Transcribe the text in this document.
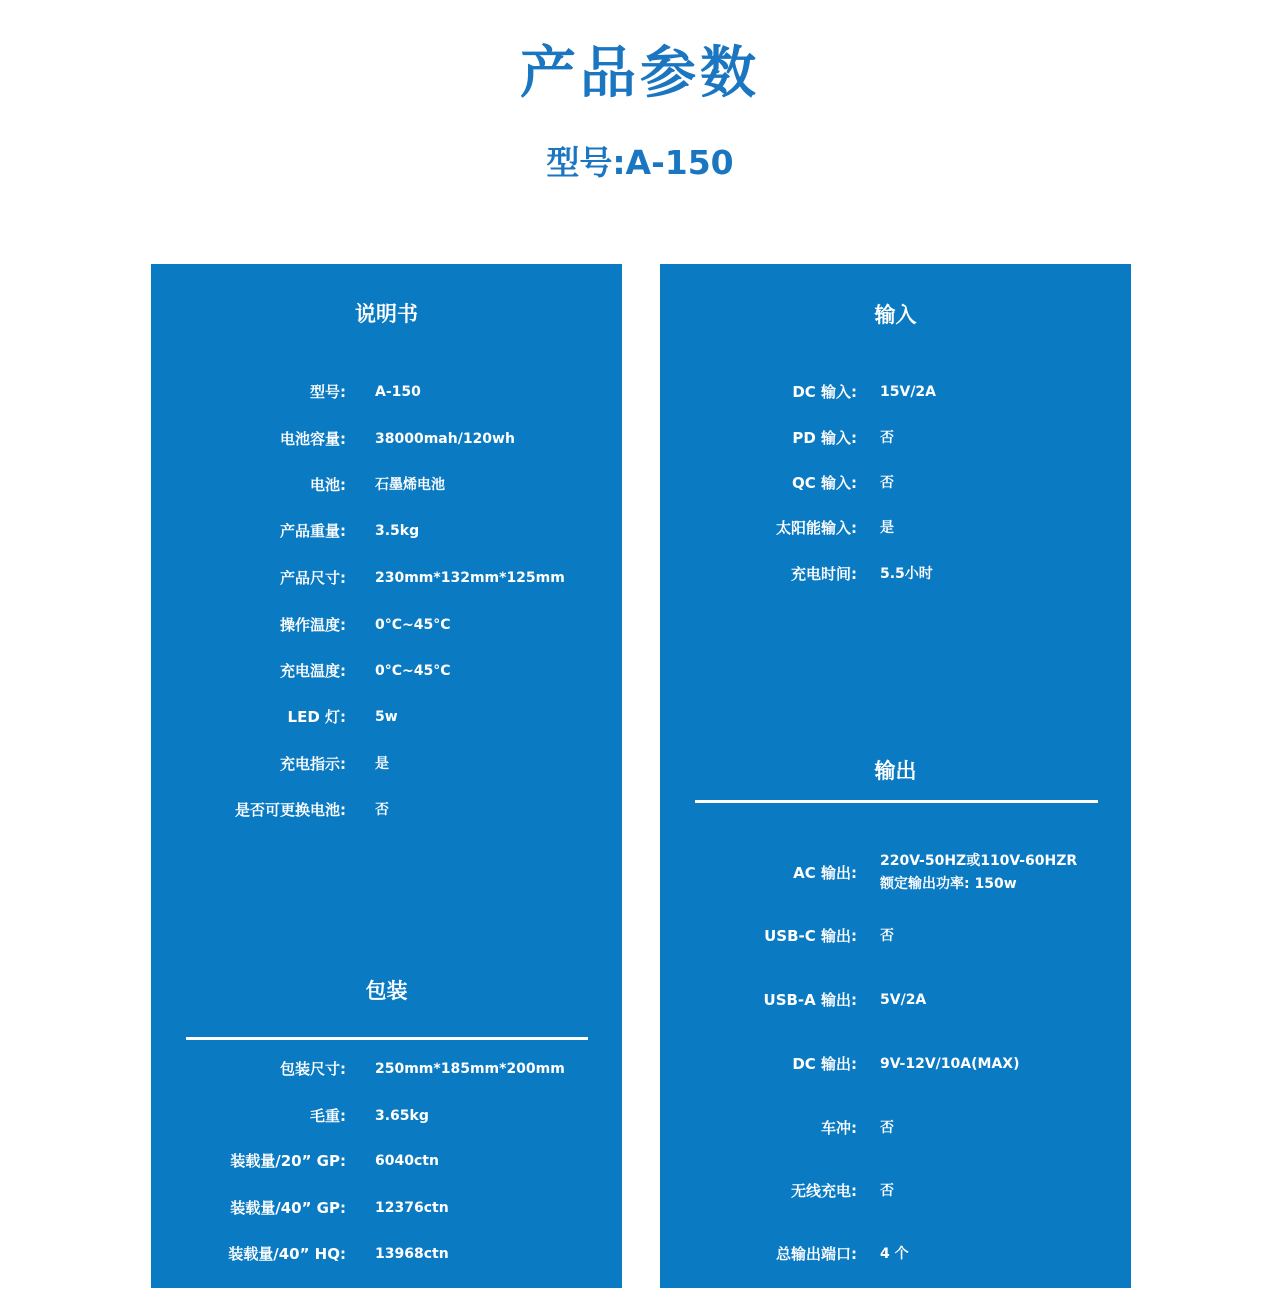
产品参数
型号:A-150
说明书
型号: A-150
电池容量: 38000mah/120wh
电池: 石墨烯电池
产品重量: 3.5kg
产品尺寸: 230mm*132mm*125mm
操作温度: 0°C~45°C
充电温度: 0°C~45°C
LED 灯: 5w
充电指示: 是
是否可更换电池: 否
包装
包装尺寸: 250mm*185mm*200mm
毛重: 3.65kg
装载量/20” GP: 6040ctn
装载量/40” GP: 12376ctn
装载量/40” HQ: 13968ctn
输入
DC 输入: 15V/2A
PD 输入: 否
QC 输入: 否
太阳能输入: 是
充电时间: 5.5小时
输出
AC 输出:
220V-50HZ或110V-60HZR
额定输出功率: 150w
USB-C 输出: 否
USB-A 输出: 5V/2A
DC 输出: 9V-12V/10A(MAX)
车冲: 否
无线充电: 否
总输出端口: 4 个
